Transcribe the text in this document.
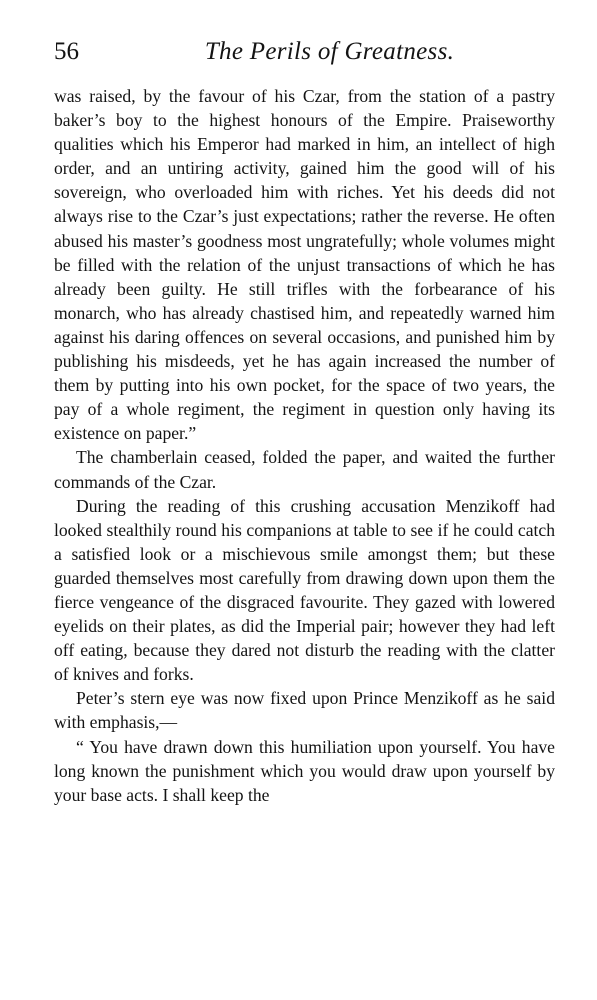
56	The Perils of Greatness.

was raised, by the favour of his Czar, from the station of a pastry baker’s boy to the highest honours of the Empire. Praiseworthy qualities which his Emperor had marked in him, an intellect of high order, and an untiring activity, gained him the good will of his sovereign, who overloaded him with riches. Yet his deeds did not always rise to the Czar’s just expectations; rather the reverse. He often abused his master’s goodness most ungratefully; whole volumes might be filled with the relation of the unjust transactions of which he has already been guilty. He still trifles with the forbearance of his monarch, who has already chastised him, and repeatedly warned him against his daring offences on several occasions, and punished him by publishing his misdeeds, yet he has again increased the number of them by putting into his own pocket, for the space of two years, the pay of a whole regiment, the regiment in question only having its existence on paper.”

The chamberlain ceased, folded the paper, and waited the further commands of the Czar.

During the reading of this crushing accusation Menzikoff had looked stealthily round his companions at table to see if he could catch a satisfied look or a mischievous smile amongst them; but these guarded themselves most carefully from drawing down upon them the fierce vengeance of the disgraced favourite. They gazed with lowered eyelids on their plates, as did the Imperial pair; however they had left off eating, because they dared not disturb the reading with the clatter of knives and forks.

Peter’s stern eye was now fixed upon Prince Menzikoff as he said with emphasis,—

“ You have drawn down this humiliation upon yourself. You have long known the punishment which you would draw upon yourself by your base acts. I shall keep the
